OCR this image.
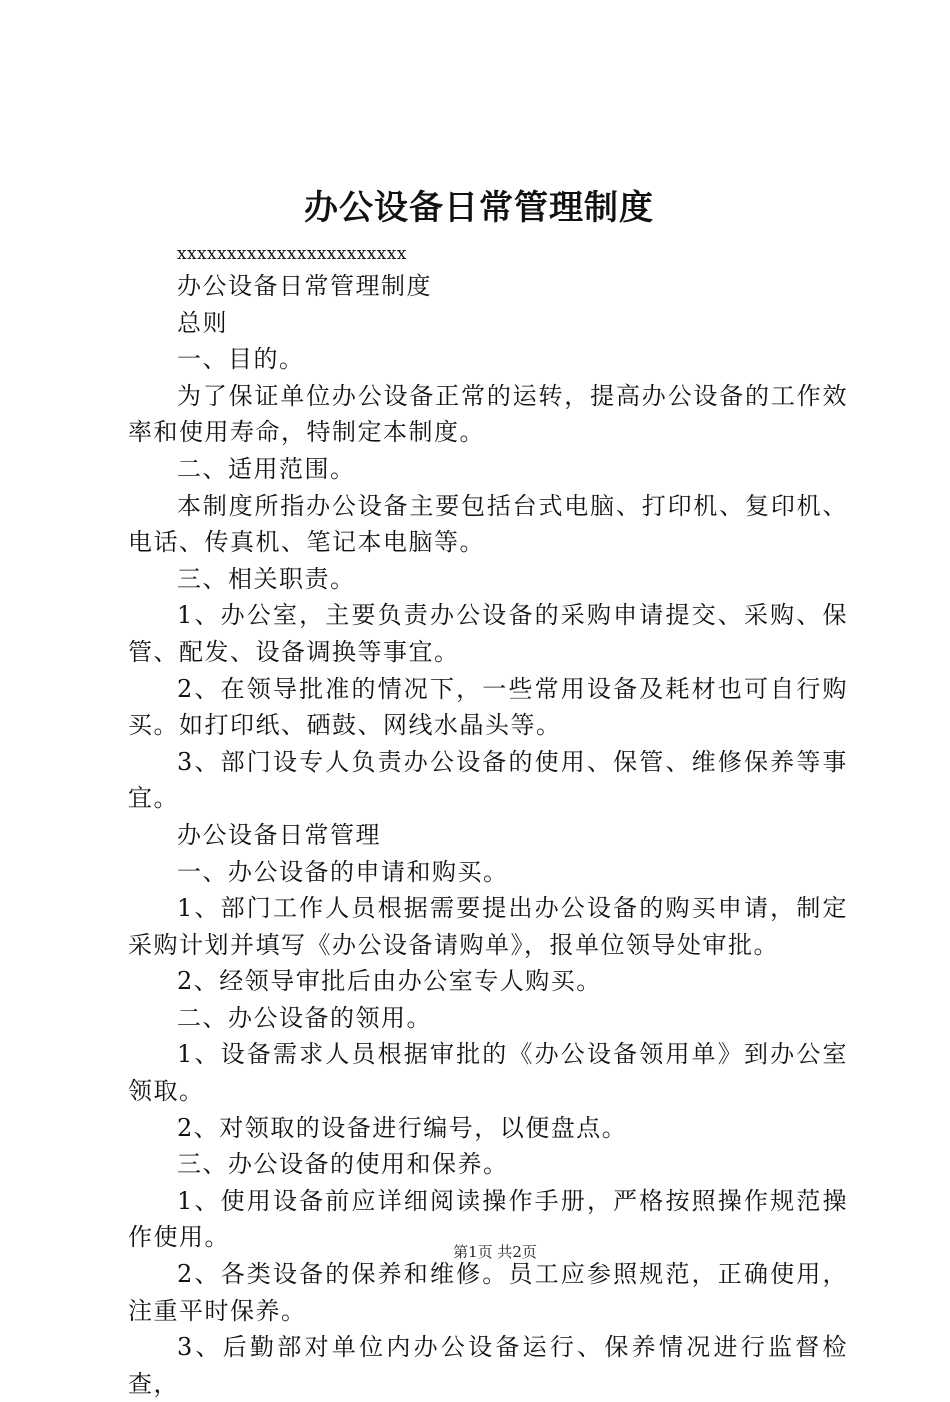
办公设备日常管理制度

xxxxxxxxxxxxxxxxxxxxxxx

办公设备日常管理制度

总则

一、目的。

为了保证单位办公设备正常的运转，提高办公设备的工作效率和使用寿命，特制定本制度。

二、适用范围。

本制度所指办公设备主要包括台式电脑、打印机、复印机、电话、传真机、笔记本电脑等。

三、相关职责。

1、办公室，主要负责办公设备的采购申请提交、采购、保管、配发、设备调换等事宜。

2、在领导批准的情况下，一些常用设备及耗材也可自行购买。如打印纸、硒鼓、网线水晶头等。

3、部门设专人负责办公设备的使用、保管、维修保养等事宜。

办公设备日常管理

一、办公设备的申请和购买。

1、部门工作人员根据需要提出办公设备的购买申请，制定采购计划并填写《办公设备请购单》，报单位领导处审批。

2、经领导审批后由办公室专人购买。

二、办公设备的领用。

1、设备需求人员根据审批的《办公设备领用单》到办公室领取。

2、对领取的设备进行编号，以便盘点。

三、办公设备的使用和保养。

1、使用设备前应详细阅读操作手册，严格按照操作规范操作使用。

2、各类设备的保养和维修。员工应参照规范，正确使用，注重平时保养。

3、后勤部对单位内办公设备运行、保养情况进行监督检查，

第1页 共2页
